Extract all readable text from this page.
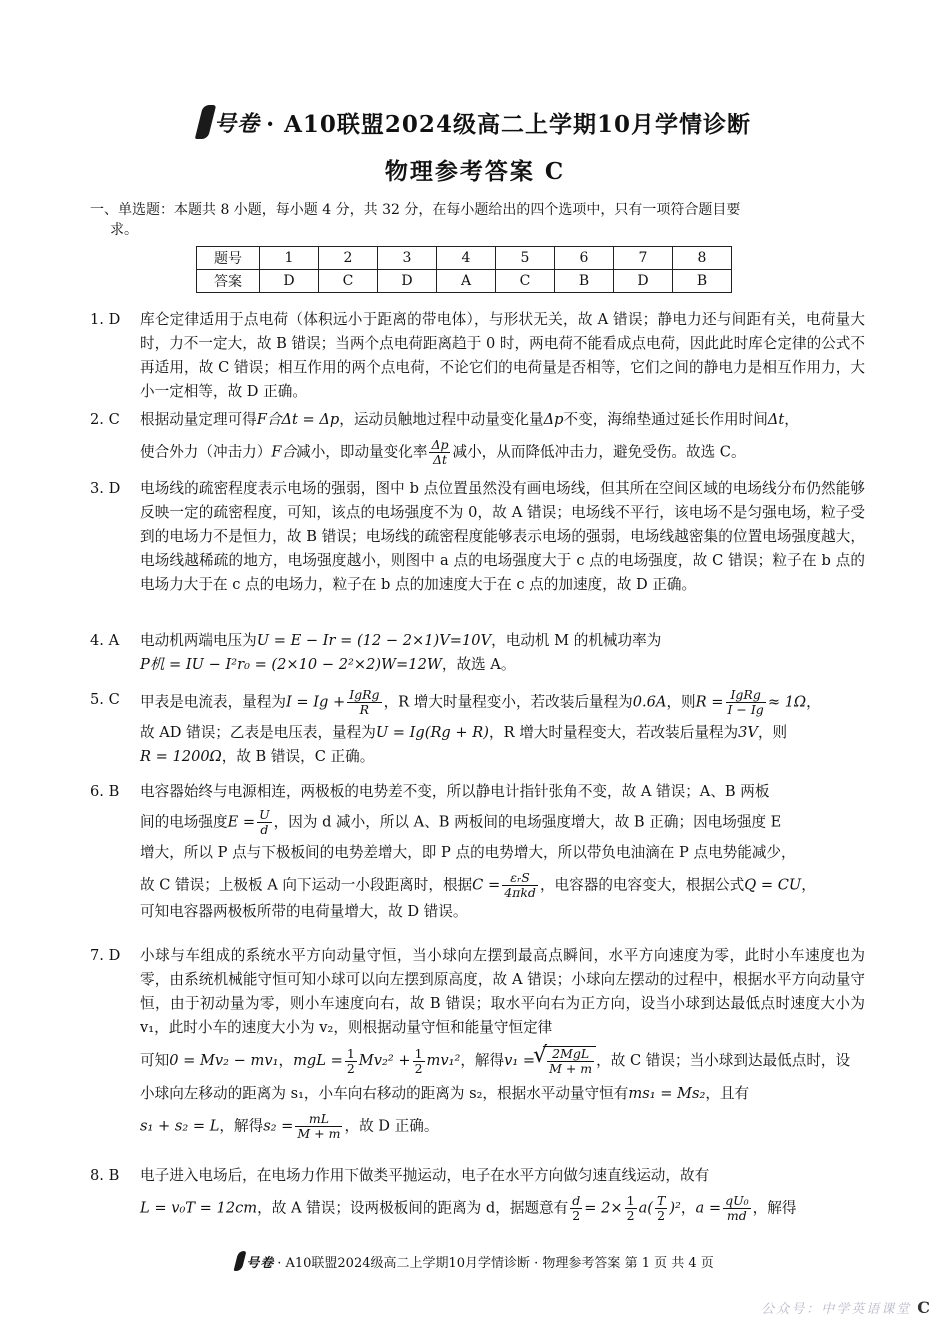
号卷 · A10联盟2024级高二上学期10月学情诊断
物理参考答案 C
一、单选题：本题共 8 小题，每小题 4 分，共 32 分，在每小题给出的四个选项中，只有一项符合题目要
求。
题号	1	2	3	4	5	6	7	8
答案	D	C	D	A	C	B	D	B
1. D	库仑定律适用于点电荷（体积远小于距离的带电体），与形状无关，故 A 错误；静电力还与间距有关，电荷量大时，力不一定大，故 B 错误；当两个点电荷距离趋于 0 时，两电荷不能看成点电荷，因此此时库仑定律的公式不再适用，故 C 错误；相互作用的两个点电荷，不论它们的电荷量是否相等，它们之间的静电力是相互作用力，大小一定相等，故 D 正确。

2. C	根据动量定理可得F合Δt = Δp，运动员触地过程中动量变化量Δp不变，海绵垫通过延长作用时间Δt，

使合外力（冲击力）F合减小，即动量变化率 $\frac{\Delta p}{\Delta t}$ 减小，从而降低冲击力，避免受伤。故选 C。

3. D	电场线的疏密程度表示电场的强弱，图中 b 点位置虽然没有画电场线，但其所在空间区域的电场线分布仍然能够反映一定的疏密程度，可知，该点的电场强度不为 0，故 A 错误；电场线不平行，该电场不是匀强电场，粒子受到的电场力不是恒力，故 B 错误；电场线的疏密程度能够表示电场的强弱，电场线越密集的位置电场强度越大，电场线越稀疏的地方，电场强度越小，则图中 a 点的电场强度大于 c 点的电场强度，故 C 错误；粒子在 b 点的电场力大于在 c 点的电场力，粒子在 b 点的加速度大于在 c 点的加速度，故 D 正确。

4. A	电动机两端电压为U = E − Ir = (12 − 2×1)V=10V，电动机 M 的机械功率为

P机 = IU − I²r₀ = (2×10 − 2²×2)W=12W，故选 A。

5. C	甲表是电流表，量程为$I = Ig + \frac{\text{IgRg}}{R}$ ，R 增大时量程变小，若改装后量程为0.6A，则$R = \frac{\text{IgRg}}{I - Ig} \approx 1\Omega$，

故 AD 错误；乙表是电压表，量程为U = Ig(Rg + R)，R 增大时量程变大，若改装后量程为3V，则

R = 1200Ω，故 B 错误，C 正确。

6. B	电容器始终与电源相连，两极板的电势差不变，所以静电计指针张角不变，故 A 错误；A、B 两板

间的电场强度$E = \frac{U}{d}$ ，因为 d 减小，所以 A、B 两板间的电场强度增大，故 B 正确；因电场强度 E

增大，所以 P 点与下极板间的电势差增大，即 P 点的电势增大，所以带负电油滴在 P 点电势能减少，

故 C 错误；上极板 A 向下运动一小段距离时，根据$C = \frac{\text{εᵣS}}{\text{4πkd}}$ ，电容器的电容变大，根据公式Q = CU，

可知电容器两极板所带的电荷量增大，故 D 错误。

7. D	小球与车组成的系统水平方向动量守恒，当小球向左摆到最高点瞬间，水平方向速度为零，此时小车速度也为零，由系统机械能守恒可知小球可以向左摆到原高度，故 A 错误；小球向左摆动的过程中，根据水平方向动量守恒，由于初动量为零，则小车速度向右，故 B 错误；取水平向右为正方向，设当小球到达最低点时速度大小为 v₁，此时小车的速度大小为 v₂，则根据动量守恒和能量守恒定律

可知0 = Mv₂ − mv₁，mgL = $\frac{1}{2} Mv_2^2 + \frac{1}{2} mv_1^2$，解得v₁ = √ $\frac{\text{2MgL}}{M + m}$ ，故 C 错误；当小球到达最低点时，设

小球向左移动的距离为 s₁，小车向右移动的距离为 s₂，根据水平动量守恒有ms₁ = Ms₂，且有

s₁ + s₂ = L，解得$s_2 = \frac{mL}{M + m}$ ，故 D 正确。

8. B	电子进入电场后，在电场力作用下做类平抛运动，电子在水平方向做匀速直线运动，故有

L = v₀T = 12cm，故 A 错误；设两极板间的距离为 d，据题意有 $\frac{d}{2} = 2\times \frac{1}{2} a( \frac{T}{2} )^2$，$a = \frac{\text{qU₀}}{md}$ ，解得

号卷 · A10联盟2024级高二上学期10月学情诊断 · 物理参考答案 第 1 页 共 4 页
公众号：中学英语课堂 C
